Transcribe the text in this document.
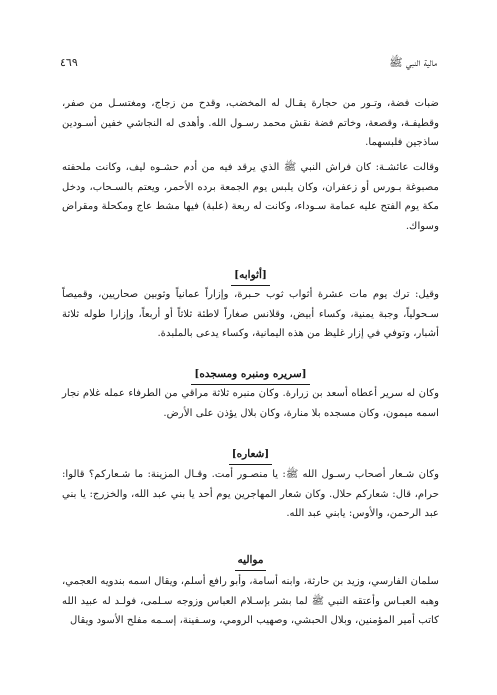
٤٦٩	مالية النبي ﷺ

ضبات فضة، وتـور من حجارة يقـال له المخضب، وقدح من زجاج، ومغتسـل من صفر، وقطيفـة، وقصعة، وخاتم فضة نقش محمد رسـول الله. وأهدى له النجاشي خفين أسـودين ساذجين فلبسهما.

وقالت عائشـة: كان فراش النبي ﷺ الذي يرقد فيه من أدم حشـوه ليف، وكانت ملحفته مصبوغة بـورس أو زعفران، وكان يلبس يوم الجمعة برده الأحمر، ويعتم بالسـحاب، ودخل مكة يوم الفتح عليه عمامة سـوداء، وكانت له ربعة (علبة) فيها مشط عاج ومكحلة ومقراض وسواك.

[أثوابه]

وقيل: ترك يوم مات عشرة أثواب ثوب حـبرة، وإزاراً عمانياً وثوبين صحاريين، وقميصاً سـحولياً، وجبة يمنية، وكساء أبيض، وقلانس صغاراً لاطئة ثلاثاً أو أربعاً، وإزارا طوله ثلاثة أشبار، وتوفي في إزار غليظ من هذه اليمانية، وكساء يدعى بالملبدة.

[سريره ومنبره ومسجده]

وكان له سرير أعطاه أسعد بن زرارة. وكان منبره ثلاثة مراقي من الطرفاء عمله غلام نجار اسمه ميمون، وكان مسجده بلا منارة، وكان بلال يؤذن على الأرض.

[شعاره]

وكان شـعار أصحاب رسـول الله ﷺ: يا منصـور أمت. وقـال المزينة: ما شـعاركم؟ قالوا: حرام، قال: شعاركم حلال. وكان شعار المهاجرين يوم أحد يا بني عبد الله، والخزرج: يا بني عبد الرحمن، والأوس: يابني عبد الله.

مواليه

سلمان الفارسي، وزيد بن حارثة، وابنه أسامة، وأبو رافع أسلم، ويقال اسمه بندويه العجمي، وهبه العبـاس وأعتقه النبي ﷺ لما بشر بإسـلام العباس وزوجه سـلمى، فولـد له عبيد الله كاتب أمير المؤمنين، وبلال الحبشي، وصهيب الرومي، وسـفينة، إسـمه مفلح الأسود ويقال
